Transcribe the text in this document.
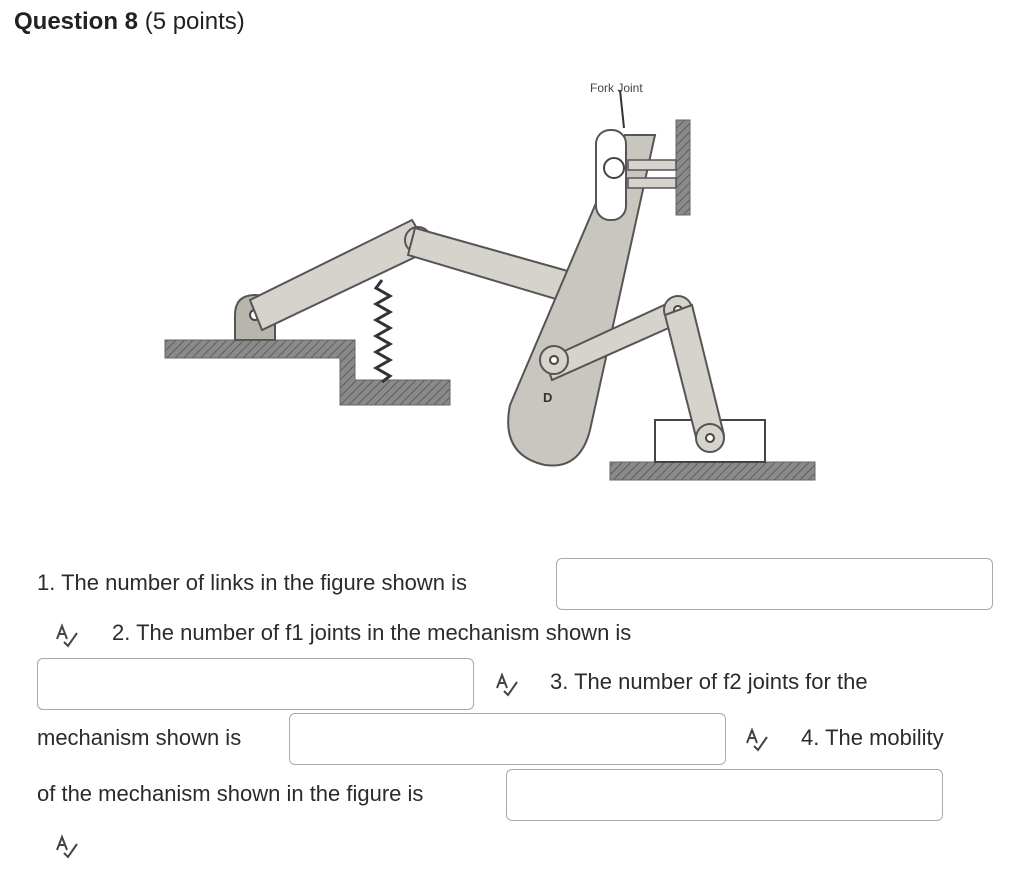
Question 8 (5 points)
Fork Joint
D
1. The number of links in the figure shown is
2. The number of f1 joints in the mechanism shown is
3. The number of f2 joints for the
mechanism shown is	4. The mobility
of the mechanism shown in the figure is
